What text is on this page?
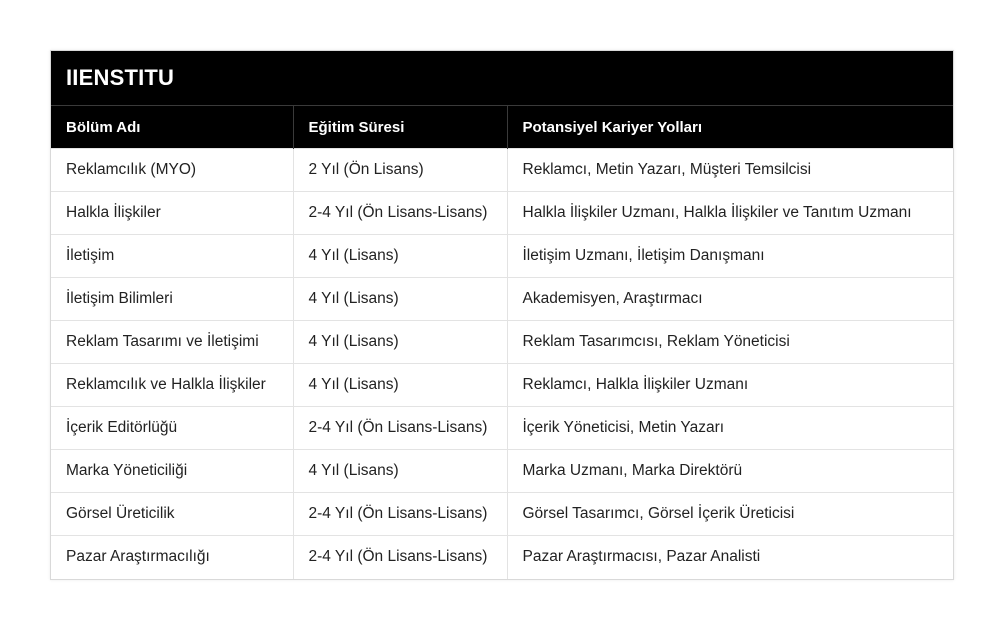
IIENSTITU
Bölüm Adı	Eğitim Süresi	Potansiyel Kariyer Yolları
Reklamcılık (MYO)	2 Yıl (Ön Lisans)	Reklamcı, Metin Yazarı, Müşteri Temsilcisi
Halkla İlişkiler	2-4 Yıl (Ön Lisans-Lisans)	Halkla İlişkiler Uzmanı, Halkla İlişkiler ve Tanıtım Uzmanı
İletişim	4 Yıl (Lisans)	İletişim Uzmanı, İletişim Danışmanı
İletişim Bilimleri	4 Yıl (Lisans)	Akademisyen, Araştırmacı
Reklam Tasarımı ve İletişimi	4 Yıl (Lisans)	Reklam Tasarımcısı, Reklam Yöneticisi
Reklamcılık ve Halkla İlişkiler	4 Yıl (Lisans)	Reklamcı, Halkla İlişkiler Uzmanı
İçerik Editörlüğü	2-4 Yıl (Ön Lisans-Lisans)	İçerik Yöneticisi, Metin Yazarı
Marka Yöneticiliği	4 Yıl (Lisans)	Marka Uzmanı, Marka Direktörü
Görsel Üreticilik	2-4 Yıl (Ön Lisans-Lisans)	Görsel Tasarımcı, Görsel İçerik Üreticisi
Pazar Araştırmacılığı	2-4 Yıl (Ön Lisans-Lisans)	Pazar Araştırmacısı, Pazar Analisti
